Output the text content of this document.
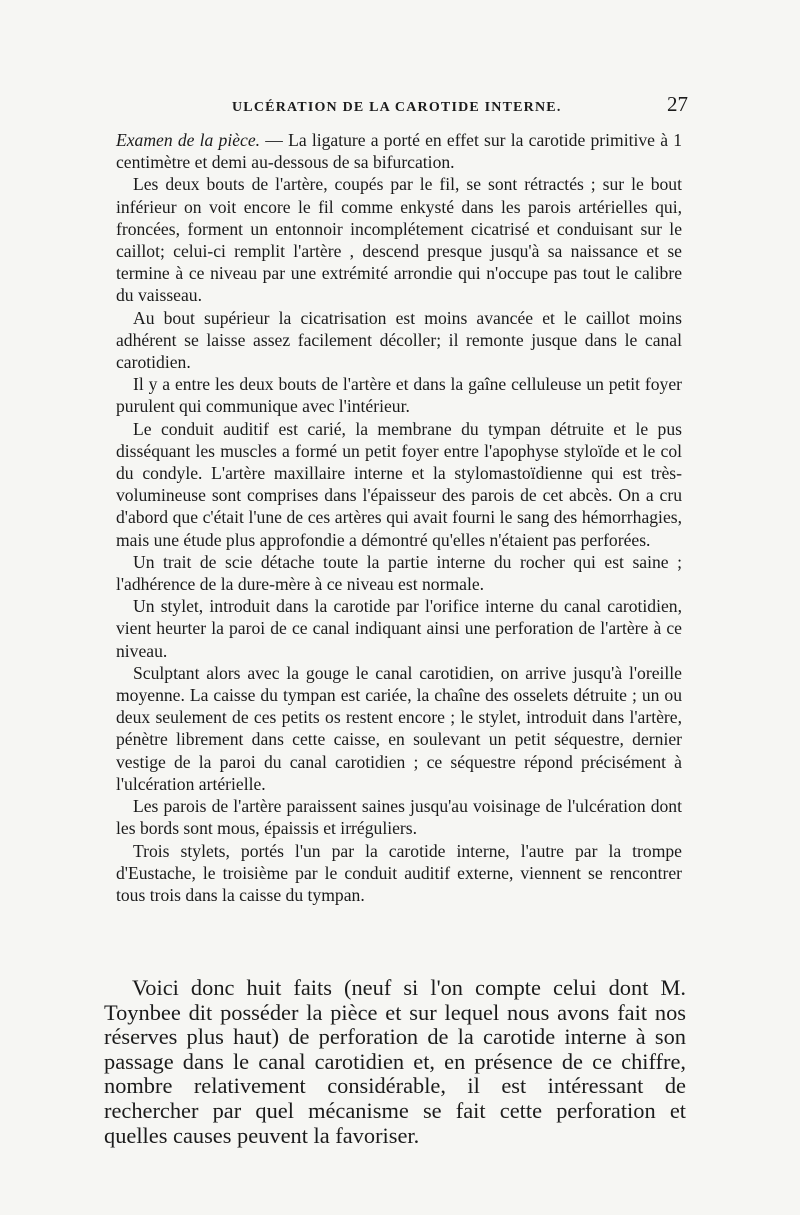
ULCÉRATION DE LA CAROTIDE INTERNE.	27

Examen de la pièce. — La ligature a porté en effet sur la carotide primitive à 1 centimètre et demi au-dessous de sa bifurcation.

Les deux bouts de l'artère, coupés par le fil, se sont rétractés ; sur le bout inférieur on voit encore le fil comme enkysté dans les parois artérielles qui, froncées, forment un entonnoir incomplétement cicatrisé et conduisant sur le caillot; celui-ci remplit l'artère , descend presque jusqu'à sa naissance et se termine à ce niveau par une extrémité arrondie qui n'occupe pas tout le calibre du vaisseau.

Au bout supérieur la cicatrisation est moins avancée et le caillot moins adhérent se laisse assez facilement décoller; il remonte jusque dans le canal carotidien.

Il y a entre les deux bouts de l'artère et dans la gaîne celluleuse un petit foyer purulent qui communique avec l'intérieur.

Le conduit auditif est carié, la membrane du tympan détruite et le pus disséquant les muscles a formé un petit foyer entre l'apophyse styloïde et le col du condyle. L'artère maxillaire interne et la stylomastoïdienne qui est très-volumineuse sont comprises dans l'épaisseur des parois de cet abcès. On a cru d'abord que c'était l'une de ces artères qui avait fourni le sang des hémorrhagies, mais une étude plus approfondie a démontré qu'elles n'étaient pas perforées.

Un trait de scie détache toute la partie interne du rocher qui est saine ; l'adhérence de la dure-mère à ce niveau est normale.

Un stylet, introduit dans la carotide par l'orifice interne du canal carotidien, vient heurter la paroi de ce canal indiquant ainsi une perforation de l'artère à ce niveau.

Sculptant alors avec la gouge le canal carotidien, on arrive jusqu'à l'oreille moyenne. La caisse du tympan est cariée, la chaîne des osselets détruite ; un ou deux seulement de ces petits os restent encore ; le stylet, introduit dans l'artère, pénètre librement dans cette caisse, en soulevant un petit séquestre, dernier vestige de la paroi du canal carotidien ; ce séquestre répond précisément à l'ulcération artérielle.

Les parois de l'artère paraissent saines jusqu'au voisinage de l'ulcération dont les bords sont mous, épaissis et irréguliers.

Trois stylets, portés l'un par la carotide interne, l'autre par la trompe d'Eustache, le troisième par le conduit auditif externe, viennent se rencontrer tous trois dans la caisse du tympan.

Voici donc huit faits (neuf si l'on compte celui dont M. Toynbee dit posséder la pièce et sur lequel nous avons fait nos réserves plus haut) de perforation de la carotide interne à son passage dans le canal carotidien et, en présence de ce chiffre, nombre relativement considérable, il est intéressant de rechercher par quel mécanisme se fait cette perforation et quelles causes peuvent la favoriser.
